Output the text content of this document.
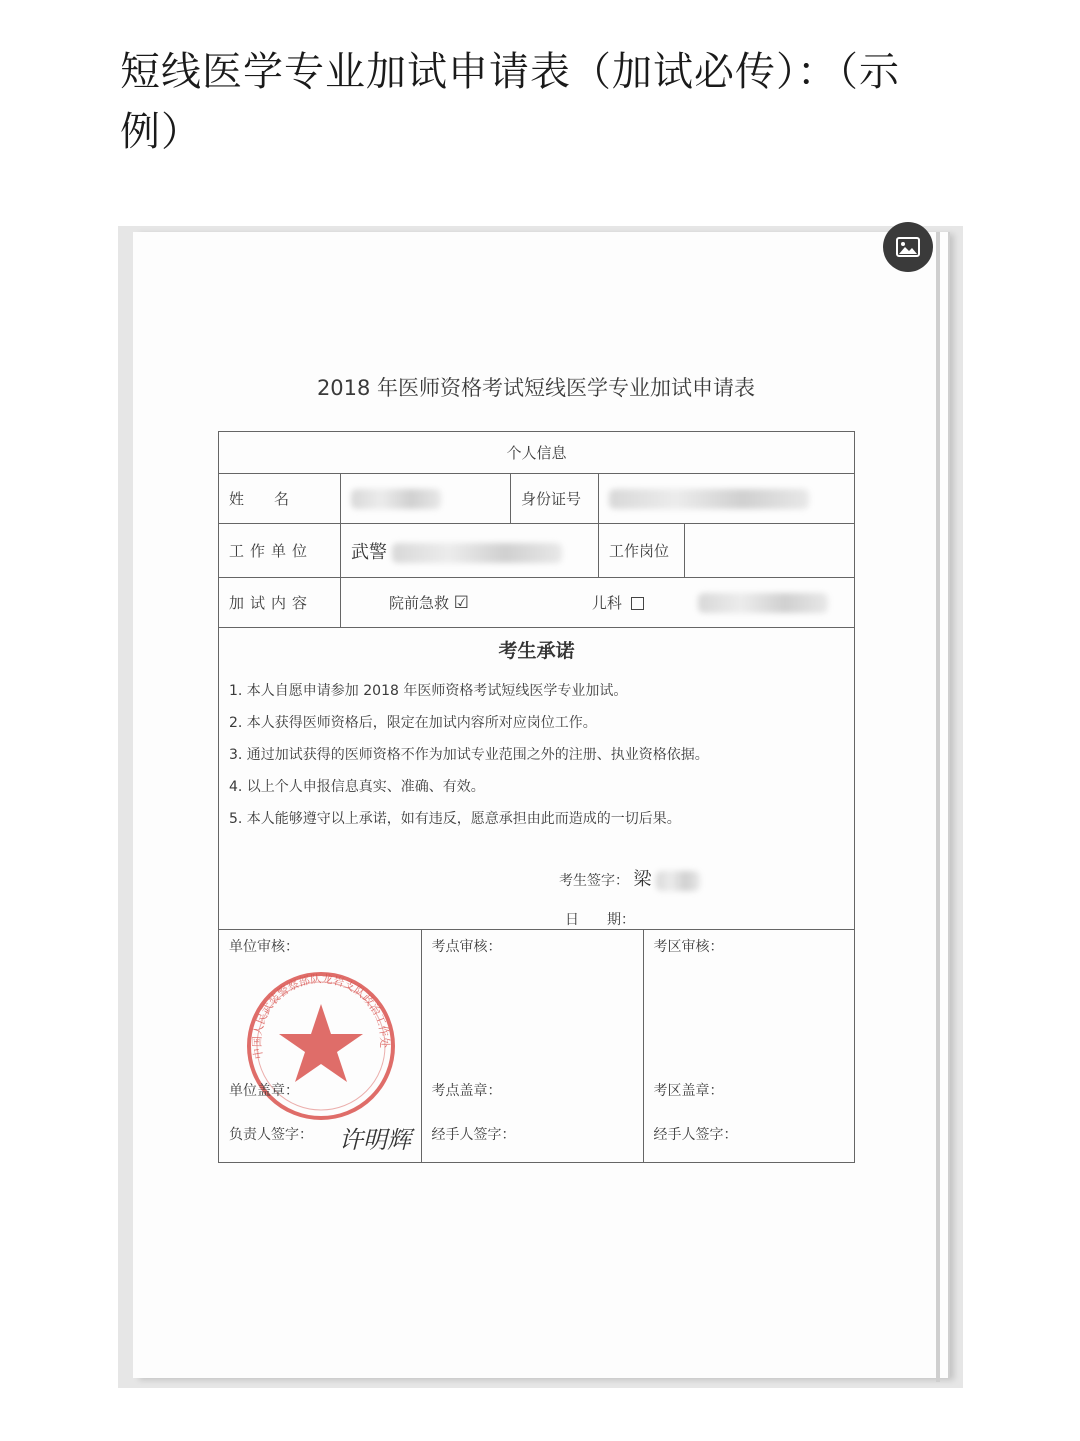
短线医学专业加试申请表（加试必传）：（示例）
2018 年医师资格考试短线医学专业加试申请表
个人信息
姓　　名		身份证号	
工作单位	武警	工作岗位	
加试内容	院前急救 ☑	儿科

考生承诺
1. 本人自愿申请参加 2018 年医师资格考试短线医学专业加试。
2. 本人获得医师资格后，限定在加试内容所对应岗位工作。
3. 通过加试获得的医师资格不作为加试专业范围之外的注册、执业资格依据。
4. 以上个人申报信息真实、准确、有效。
5. 本人能够遵守以上承诺，如有违反，愿意承担由此而造成的一切后果。
考生签字： 梁
日　　期：

单位审核：
中国人民武装警察部队龙岩支队政治工作处
单位盖章：
负责人签字： 许明辉

考点审核：
考点盖章：
经手人签字：

考区审核：
考区盖章：
经手人签字：
